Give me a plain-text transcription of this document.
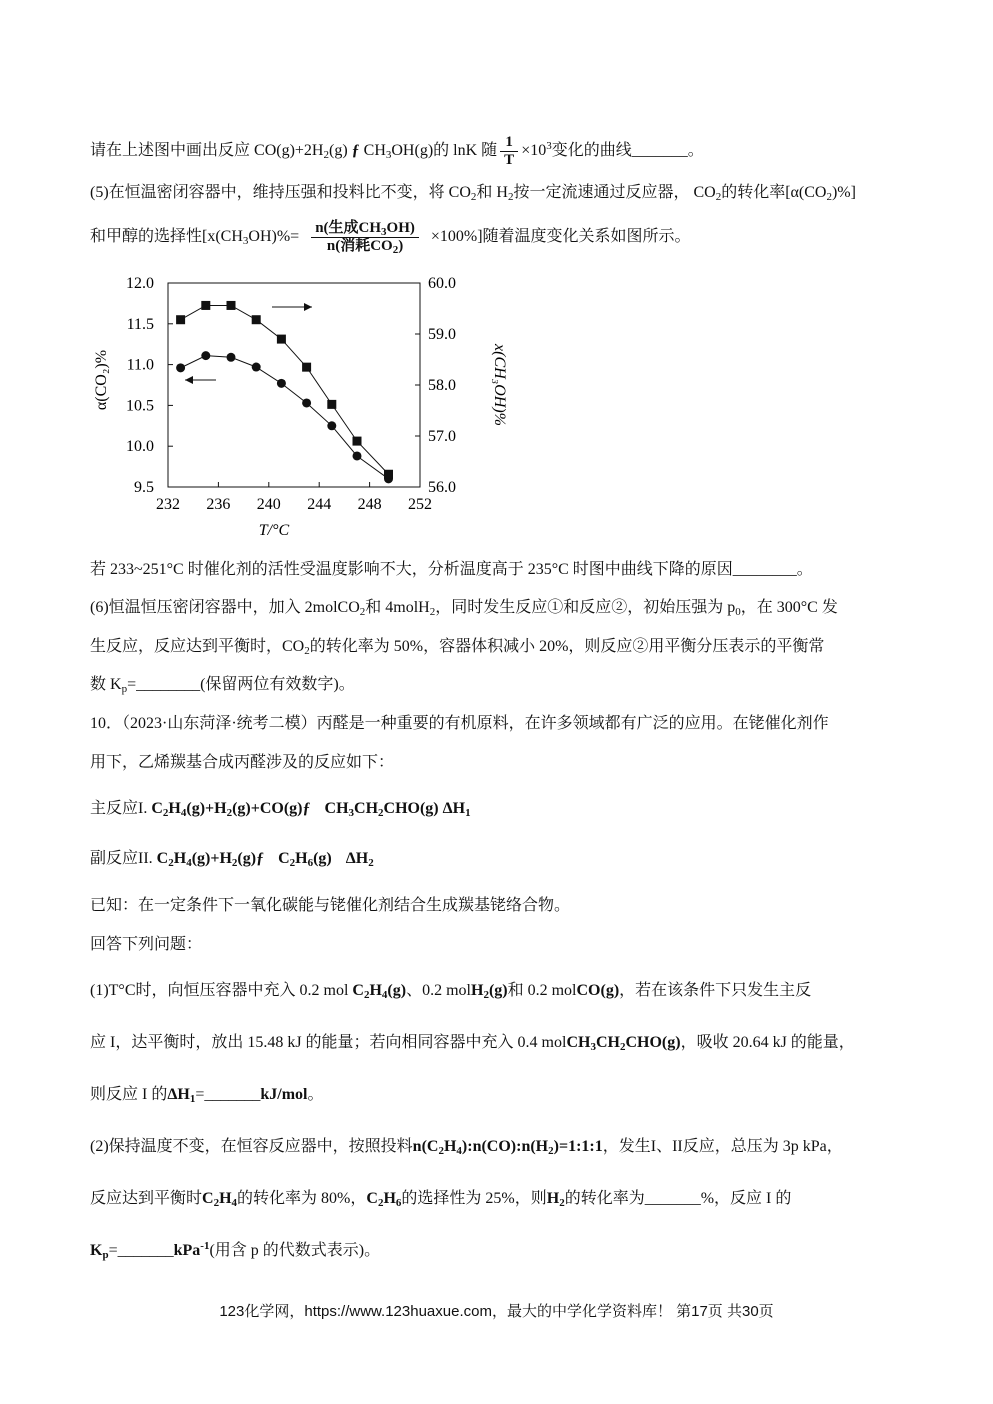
请在上述图中画出反应 $CO(g)+2H_2(g)$ ƒ $CH_3OH(g)$的 lnK 随 $\frac{1}{T} \times 10^3$变化的曲线_______。
(5)在恒温密闭容器中，维持压强和投料比不变，将 $CO_2$和 $H_2$按一定流速通过反应器， $CO_2$的转化率$[\alpha(CO_2)\%]$
和甲醇的选择性$[x(CH_3OH)\%= \frac{n(生成CH_3OH)}{n(消耗CO_2)} \times 100\%]$随着温度变化关系如图所示。
232 236 240 244 248 252
12.0
11.5
11.0
10.5
10.0
9.5
60.0
59.0
58.0
57.0
56.0
T/°C
α(CO₂)%	x(CH₃OH)%
若 233~251°C 时催化剂的活性受温度影响不大，分析温度高于 235°C 时图中曲线下降的原因________。
(6)恒温恒压密闭容器中，加入 2molCO$_2$和 4molH$_2$，同时发生反应①和反应②，初始压强为 $p_0$，在 300°C 发
生反应，反应达到平衡时，$CO_2$的转化率为 50%，容器体积减小 20%，则反应②用平衡分压表示的平衡常
数 $K_p=\_\_\_\_\_\_\_\_$(保留两位有效数字)。
10．（2023·山东菏泽·统考二模）丙醛是一种重要的有机原料，在许多领域都有广泛的应用。在铑催化剂作
用下，乙烯羰基合成丙醛涉及的反应如下：
主反应I. $C_2H_4(g)+H_2(g)+CO(g)ƒ$ $CH_3CH_2CHO(g)$ $\Delta H_1$
副反应II. $C_2H_4(g)+H_2(g)ƒ$ $C_2H_6(g)$ $\Delta H_2$
已知：在一定条件下一氧化碳能与铑催化剂结合生成羰基铑络合物。
回答下列问题：
(1)T°C时，向恒压容器中充入 0.2 mol $C_2H_4(g)$、0.2 molH$_2$(g)和 0.2 molCO(g)，若在该条件下只发生主反
应 I，达平衡时，放出 15.48 kJ 的能量；若向相同容器中充入 0.4 $molCH_3CH_2CHO(g)$，吸收 20.64 kJ 的能量，
则反应 I 的$\Delta H_1=\_\_\_\_\_\_\_kJ$/mol。
(2)保持温度不变，在恒容反应器中，按照投料$n(C_2H_4):n(CO):n(H_2)=1:1:1$，发生I、II反应，总压为 3p kPa，
反应达到平衡时$C_2H_4$的转化率为 80%，$C_2H_6$的选择性为 25%，则$H_2$的转化率为_______%，反应 I 的
$K_p=\_\_\_\_\_\_\_kPa^{-1}$(用含 p 的代数式表示)。
123化学网，https://www.123huaxue.com，最大的中学化学资料库！ 第17页 共30页
